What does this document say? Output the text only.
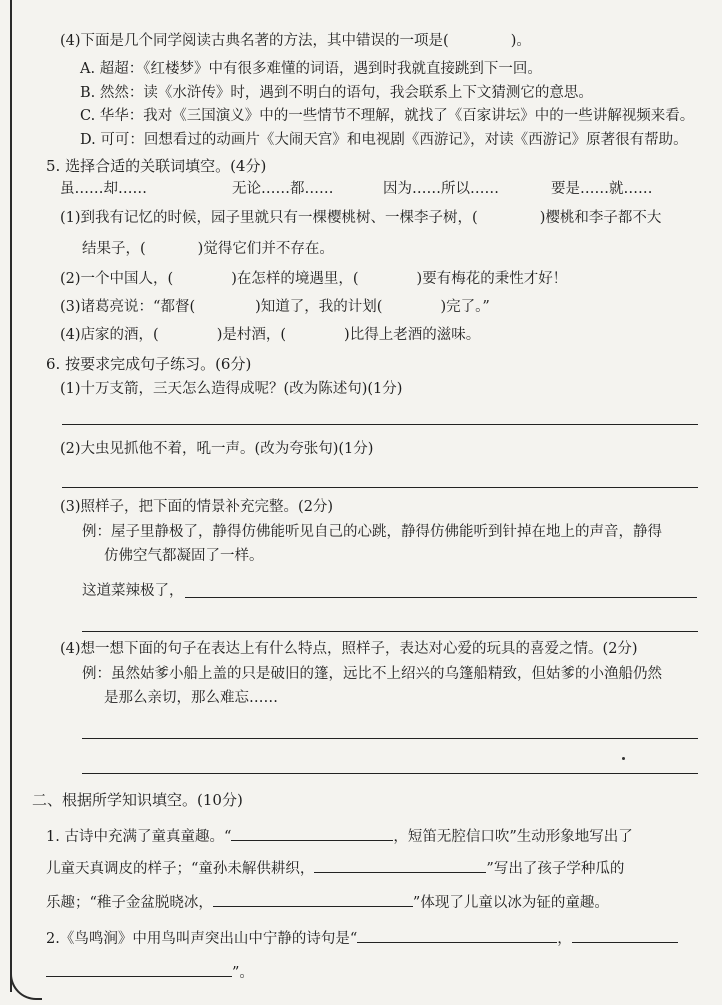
(4)下面是几个同学阅读古典名著的方法，其中错误的一项是(	)。
A. 超超：《红楼梦》中有很多难懂的词语，遇到时我就直接跳到下一回。
B. 然然：读《水浒传》时，遇到不明白的语句，我会联系上下文猜测它的意思。
C. 华华：我对《三国演义》中的一些情节不理解，就找了《百家讲坛》中的一些讲解视频来看。
D. 可可：回想看过的动画片《大闹天宫》和电视剧《西游记》，对读《西游记》原著很有帮助。
5. 选择合适的关联词填空。(4分)
虽……却……	无论……都……	因为……所以……	要是……就……
(1)到我有记忆的时候，园子里就只有一棵樱桃树、一棵李子树，(	)樱桃和李子都不大
结果子，(	)觉得它们并不存在。
(2)一个中国人，(	)在怎样的境遇里，(	)要有梅花的秉性才好！
(3)诸葛亮说：“都督(	)知道了，我的计划(	)完了。”
(4)店家的酒，(	)是村酒，(	)比得上老酒的滋味。
6. 按要求完成句子练习。(6分)
(1)十万支箭，三天怎么造得成呢？(改为陈述句)(1分)
(2)大虫见抓他不着，吼一声。(改为夸张句)(1分)
(3)照样子，把下面的情景补充完整。(2分)
例：屋子里静极了，静得仿佛能听见自己的心跳，静得仿佛能听到针掉在地上的声音，静得
仿佛空气都凝固了一样。
这道菜辣极了，
(4)想一想下面的句子在表达上有什么特点，照样子，表达对心爱的玩具的喜爱之情。(2分)
例：虽然姑爹小船上盖的只是破旧的篷，远比不上绍兴的乌篷船精致，但姑爹的小渔船仍然
是那么亲切，那么难忘……
二、根据所学知识填空。(10分)
1. 古诗中充满了童真童趣。“	，短笛无腔信口吹”生动形象地写出了
儿童天真调皮的样子；“童孙未解供耕织，	”写出了孩子学种瓜的
乐趣；“稚子金盆脱晓冰，	”体现了儿童以冰为钲的童趣。
2.《鸟鸣涧》中用鸟叫声突出山中宁静的诗句是“	，
”。
